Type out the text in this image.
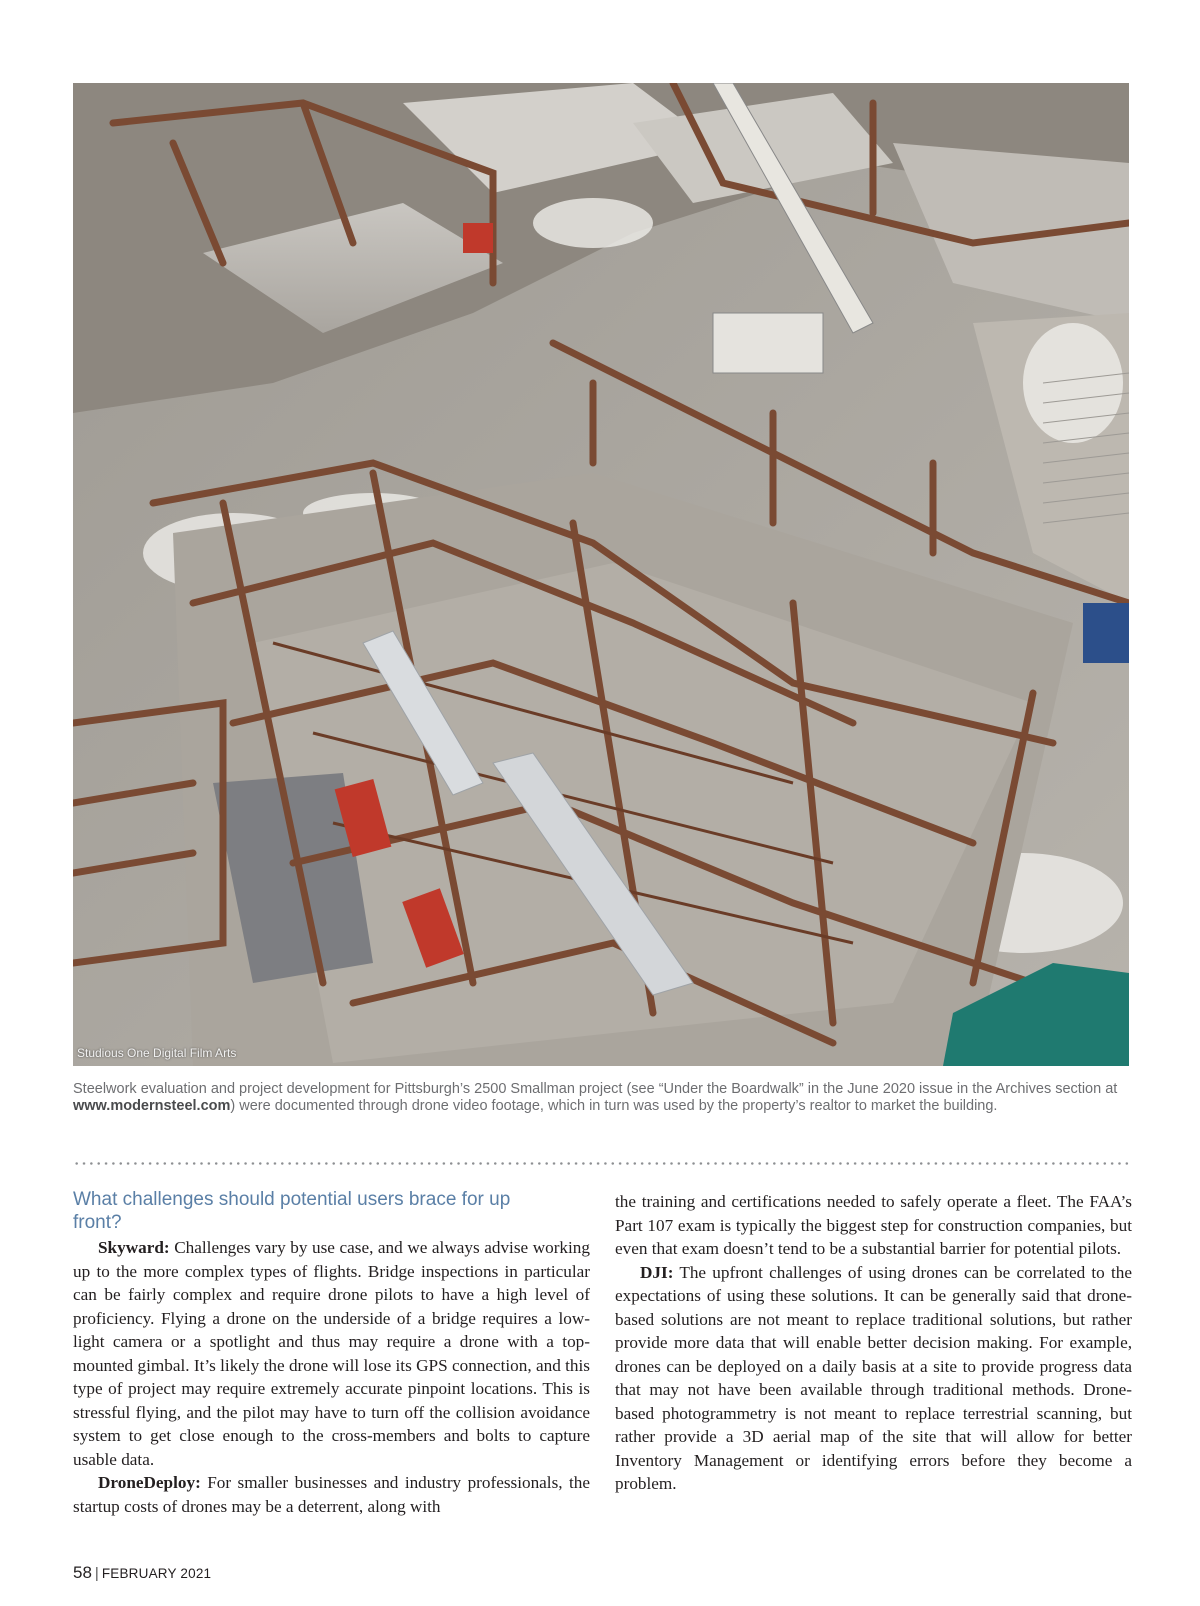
Studious One Digital Film Arts
Steelwork evaluation and project development for Pittsburgh’s 2500 Smallman project (see “Under the Boardwalk” in the June 2020 issue in the Archives section at www.modernsteel.com) were documented through drone video footage, which in turn was used by the property’s realtor to market the building.
What challenges should potential users brace for up front?

Skyward: Challenges vary by use case, and we always advise working up to the more complex types of flights. Bridge inspections in particular can be fairly complex and require drone pilots to have a high level of proficiency. Flying a drone on the underside of a bridge requires a low-light camera or a spotlight and thus may require a drone with a top-mounted gimbal. It’s likely the drone will lose its GPS connection, and this type of project may require extremely accurate pinpoint locations. This is stressful flying, and the pilot may have to turn off the collision avoidance system to get close enough to the cross-members and bolts to capture usable data.

DroneDeploy: For smaller businesses and industry professionals, the startup costs of drones may be a deterrent, along with

the training and certifications needed to safely operate a fleet. The FAA’s Part 107 exam is typically the biggest step for construction companies, but even that exam doesn’t tend to be a substantial barrier for potential pilots.

DJI: The upfront challenges of using drones can be correlated to the expectations of using these solutions. It can be generally said that drone-based solutions are not meant to replace traditional solutions, but rather provide more data that will enable better decision making. For example, drones can be deployed on a daily basis at a site to provide progress data that may not have been available through traditional methods. Drone-based photogrammetry is not meant to replace terrestrial scanning, but rather provide a 3D aerial map of the site that will allow for better Inventory Management or identifying errors before they become a problem.

58 | FEBRUARY 2021
